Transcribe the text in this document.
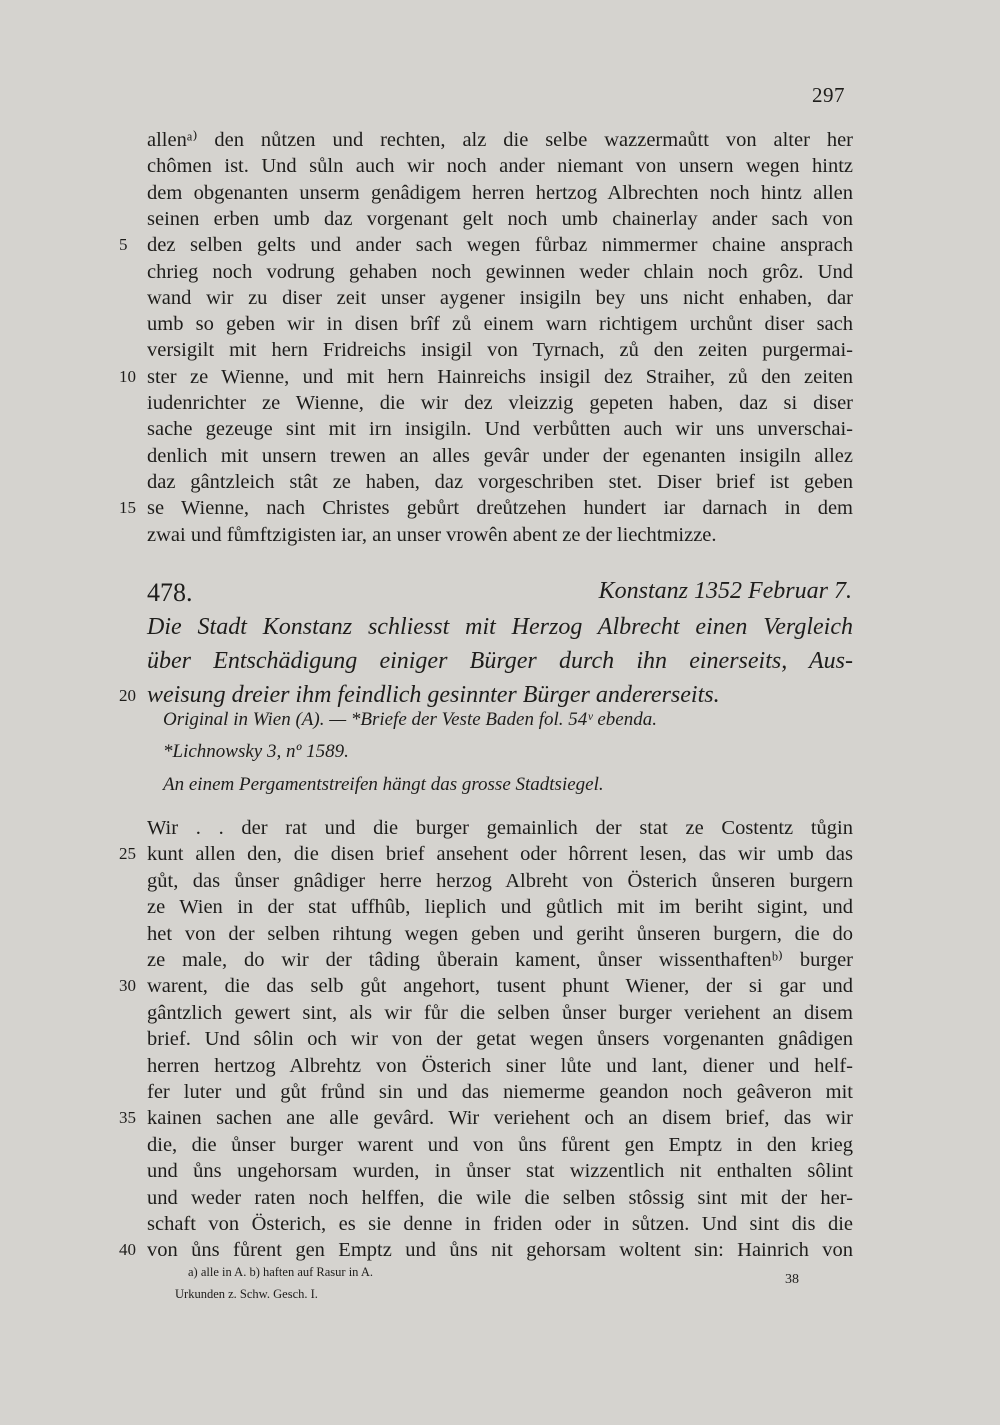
297
allenᵃ⁾ den nůtzen und rechten, alz die selbe wazzermaůtt von alter her
chômen ist. Und sůln auch wir noch ander niemant von unsern wegen hintz
dem obgenanten unserm genâdigem herren hertzog Albrechten noch hintz allen
seinen erben umb daz vorgenant gelt noch umb chainerlay ander sach von
dez selben gelts und ander sach wegen fůrbaz nimmermer chaine ansprach
5
chrieg noch vodrung gehaben noch gewinnen weder chlain noch grôz. Und
wand wir zu diser zeit unser aygener insigiln bey uns nicht enhaben, dar
umb so geben wir in disen brîf zů einem warn richtigem urchůnt diser sach
versigilt mit hern Fridreichs insigil von Tyrnach, zů den zeiten purgermai-
ster ze Wienne, und mit hern Hainreichs insigil dez Straiher, zů den zeiten
10
iudenrichter ze Wienne, die wir dez vleizzig gepeten haben, daz si diser
sache gezeuge sint mit irn insigiln. Und verbůtten auch wir uns unverschai-
denlich mit unsern trewen an alles gevâr under der egenanten insigiln allez
daz gântzleich stât ze haben, daz vorgeschriben stet. Diser brief ist geben
se Wienne, nach Christes gebůrt dreůtzehen hundert iar darnach in dem
15
zwai und fůmftzigisten iar, an unser vrowên abent ze der liechtmizze.
478.	Konstanz 1352 Februar 7.
Die Stadt Konstanz schliesst mit Herzog Albrecht einen Vergleich
über Entschädigung einiger Bürger durch ihn einerseits, Aus-
weisung dreier ihm feindlich gesinnter Bürger andererseits.
20
Original in Wien (A). — *Briefe der Veste Baden fol. 54ᵛ ebenda.
*Lichnowsky 3, nº 1589.
An einem Pergamentstreifen hängt das grosse Stadtsiegel.
Wir . . der rat und die burger gemainlich der stat ze Costentz tůgin
kunt allen den, die disen brief ansehent oder hôrrent lesen, das wir umb das
25
gůt, das ůnser gnâdiger herre herzog Albreht von Österich ůnseren burgern
ze Wien in der stat uffhûb, lieplich und gůtlich mit im beriht sigint, und
het von der selben rihtung wegen geben und geriht ůnseren burgern, die do
ze male, do wir der tâding ůberain kament, ůnser wissenthaftenᵇ⁾ burger
warent, die das selb gůt angehort, tusent phunt Wiener, der si gar und
30
gântzlich gewert sint, als wir fůr die selben ůnser burger veriehent an disem
brief. Und sôlin och wir von der getat wegen ůnsers vorgenanten gnâdigen
herren hertzog Albrehtz von Österich siner lůte und lant, diener und helf-
fer luter und gůt frůnd sin und das niemerme geandon noch geâveron mit
kainen sachen ane alle gevârd. Wir veriehent och an disem brief, das wir
35
die, die ůnser burger warent und von ůns fůrent gen Emptz in den krieg
und ůns ungehorsam wurden, in ůnser stat wizzentlich nit enthalten sôlint
und weder raten noch helffen, die wile die selben stôssig sint mit der her-
schaft von Österich, es sie denne in friden oder in sůtzen. Und sint dis die
von ůns fůrent gen Emptz und ůns nit gehorsam woltent sin: Hainrich von
40
a) alle in A. b) haften auf Rasur in A.
Urkunden z. Schw. Gesch. I.
38
